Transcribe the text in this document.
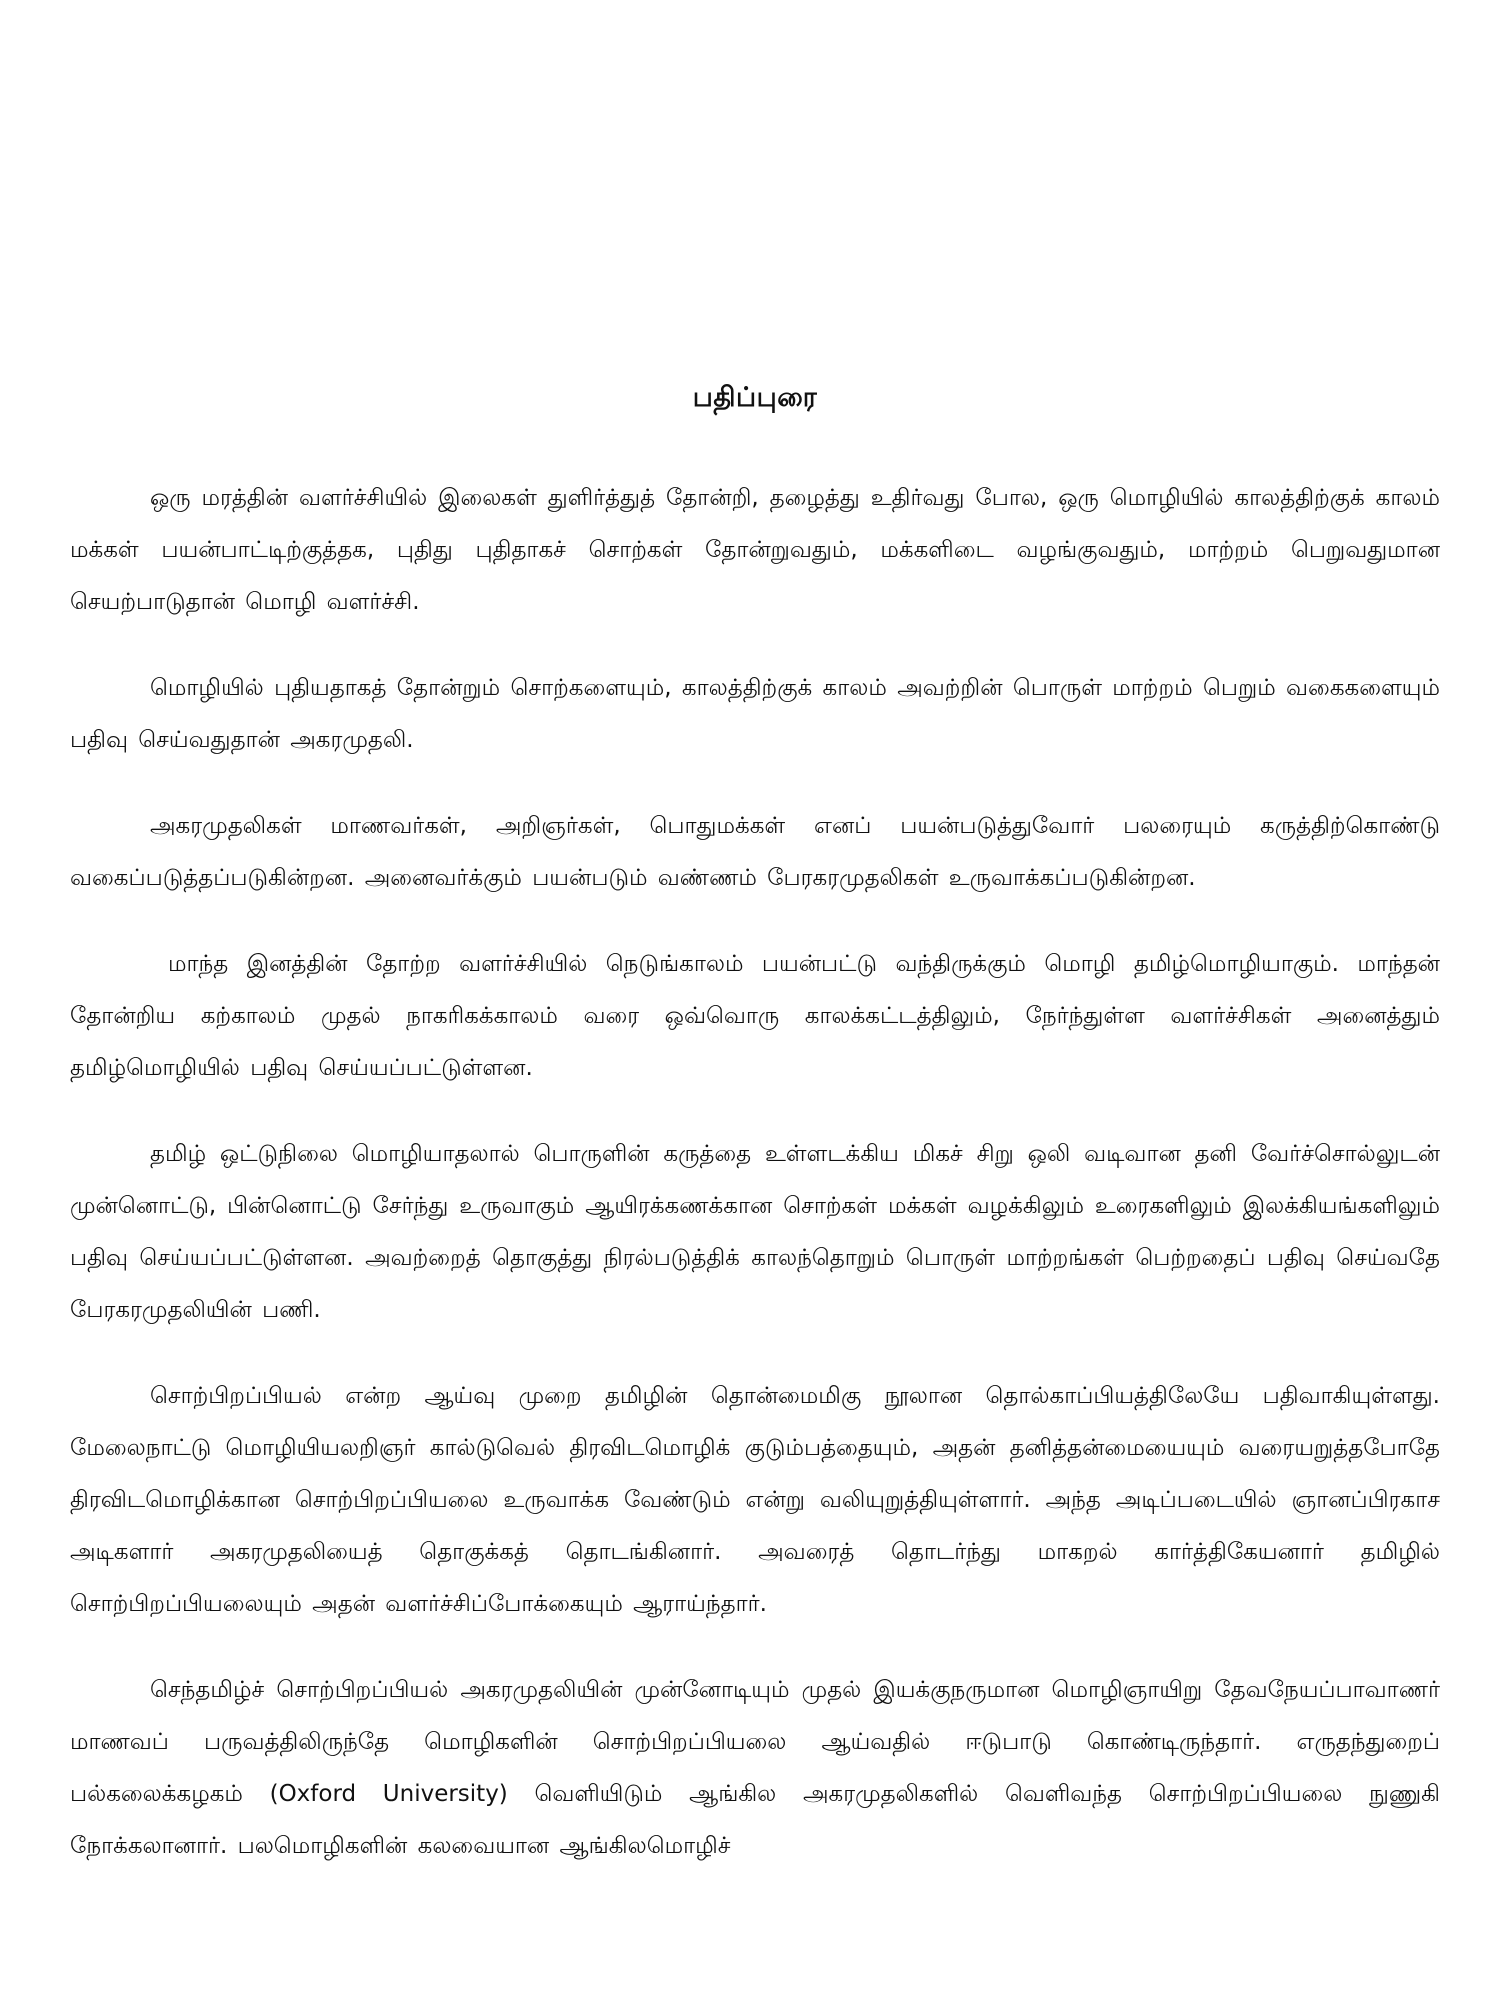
பதிப்புரை

ஒரு மரத்தின் வளர்ச்சியில் இலைகள் துளிர்த்துத் தோன்றி, தழைத்து உதிர்வது போல, ஒரு மொழியில் காலத்திற்குக் காலம் மக்கள் பயன்பாட்டிற்குத்தக, புதிது புதிதாகச் சொற்கள் தோன்றுவதும், மக்களிடை வழங்குவதும், மாற்றம் பெறுவதுமான செயற்பாடுதான் மொழி வளர்ச்சி.

மொழியில் புதியதாகத் தோன்றும் சொற்களையும், காலத்திற்குக் காலம் அவற்றின் பொருள் மாற்றம் பெறும் வகைகளையும் பதிவு செய்வதுதான் அகரமுதலி.

அகரமுதலிகள் மாணவர்கள், அறிஞர்கள், பொதுமக்கள் எனப் பயன்படுத்துவோர் பலரையும் கருத்திற்கொண்டு வகைப்படுத்தப்படுகின்றன. அனைவர்க்கும் பயன்படும் வண்ணம் பேரகரமுதலிகள் உருவாக்கப்படுகின்றன.

மாந்த இனத்தின் தோற்ற வளர்ச்சியில் நெடுங்காலம் பயன்பட்டு வந்திருக்கும் மொழி தமிழ்மொழியாகும். மாந்தன் தோன்றிய கற்காலம் முதல் நாகரிகக்காலம் வரை ஒவ்வொரு காலக்கட்டத்திலும், நேர்ந்துள்ள வளர்ச்சிகள் அனைத்தும் தமிழ்மொழியில் பதிவு செய்யப்பட்டுள்ளன.

தமிழ் ஒட்டுநிலை மொழியாதலால் பொருளின் கருத்தை உள்ளடக்கிய மிகச் சிறு ஒலி வடிவான தனி வேர்ச்சொல்லுடன் முன்னொட்டு, பின்னொட்டு சேர்ந்து உருவாகும் ஆயிரக்கணக்கான சொற்கள் மக்கள் வழக்கிலும் உரைகளிலும் இலக்கியங்களிலும் பதிவு செய்யப்பட்டுள்ளன. அவற்றைத் தொகுத்து நிரல்படுத்திக் காலந்தொறும் பொருள் மாற்றங்கள் பெற்றதைப் பதிவு செய்வதே பேரகரமுதலியின் பணி.

சொற்பிறப்பியல் என்ற ஆய்வு முறை தமிழின் தொன்மைமிகு நூலான தொல்காப்பியத்திலேயே பதிவாகியுள்ளது. மேலைநாட்டு மொழியியலறிஞர் கால்டுவெல் திரவிடமொழிக் குடும்பத்தையும், அதன் தனித்தன்மையையும் வரையறுத்தபோதே திரவிடமொழிக்கான சொற்பிறப்பியலை உருவாக்க வேண்டும் என்று வலியுறுத்தியுள்ளார். அந்த அடிப்படையில் ஞானப்பிரகாச அடிகளார் அகரமுதலியைத் தொகுக்கத் தொடங்கினார். அவரைத் தொடர்ந்து மாகறல் கார்த்திகேயனார் தமிழில் சொற்பிறப்பியலையும் அதன் வளர்ச்சிப்போக்கையும் ஆராய்ந்தார்.

செந்தமிழ்ச் சொற்பிறப்பியல் அகரமுதலியின் முன்னோடியும் முதல் இயக்குநருமான மொழிஞாயிறு தேவநேயப்பாவாணர் மாணவப் பருவத்திலிருந்தே மொழிகளின் சொற்பிறப்பியலை ஆய்வதில் ஈடுபாடு கொண்டிருந்தார். எருதந்துறைப் பல்கலைக்கழகம் (Oxford University) வெளியிடும் ஆங்கில அகரமுதலிகளில் வெளிவந்த சொற்பிறப்பியலை நுணுகி நோக்கலானார். பலமொழிகளின் கலவையான ஆங்கிலமொழிச்
